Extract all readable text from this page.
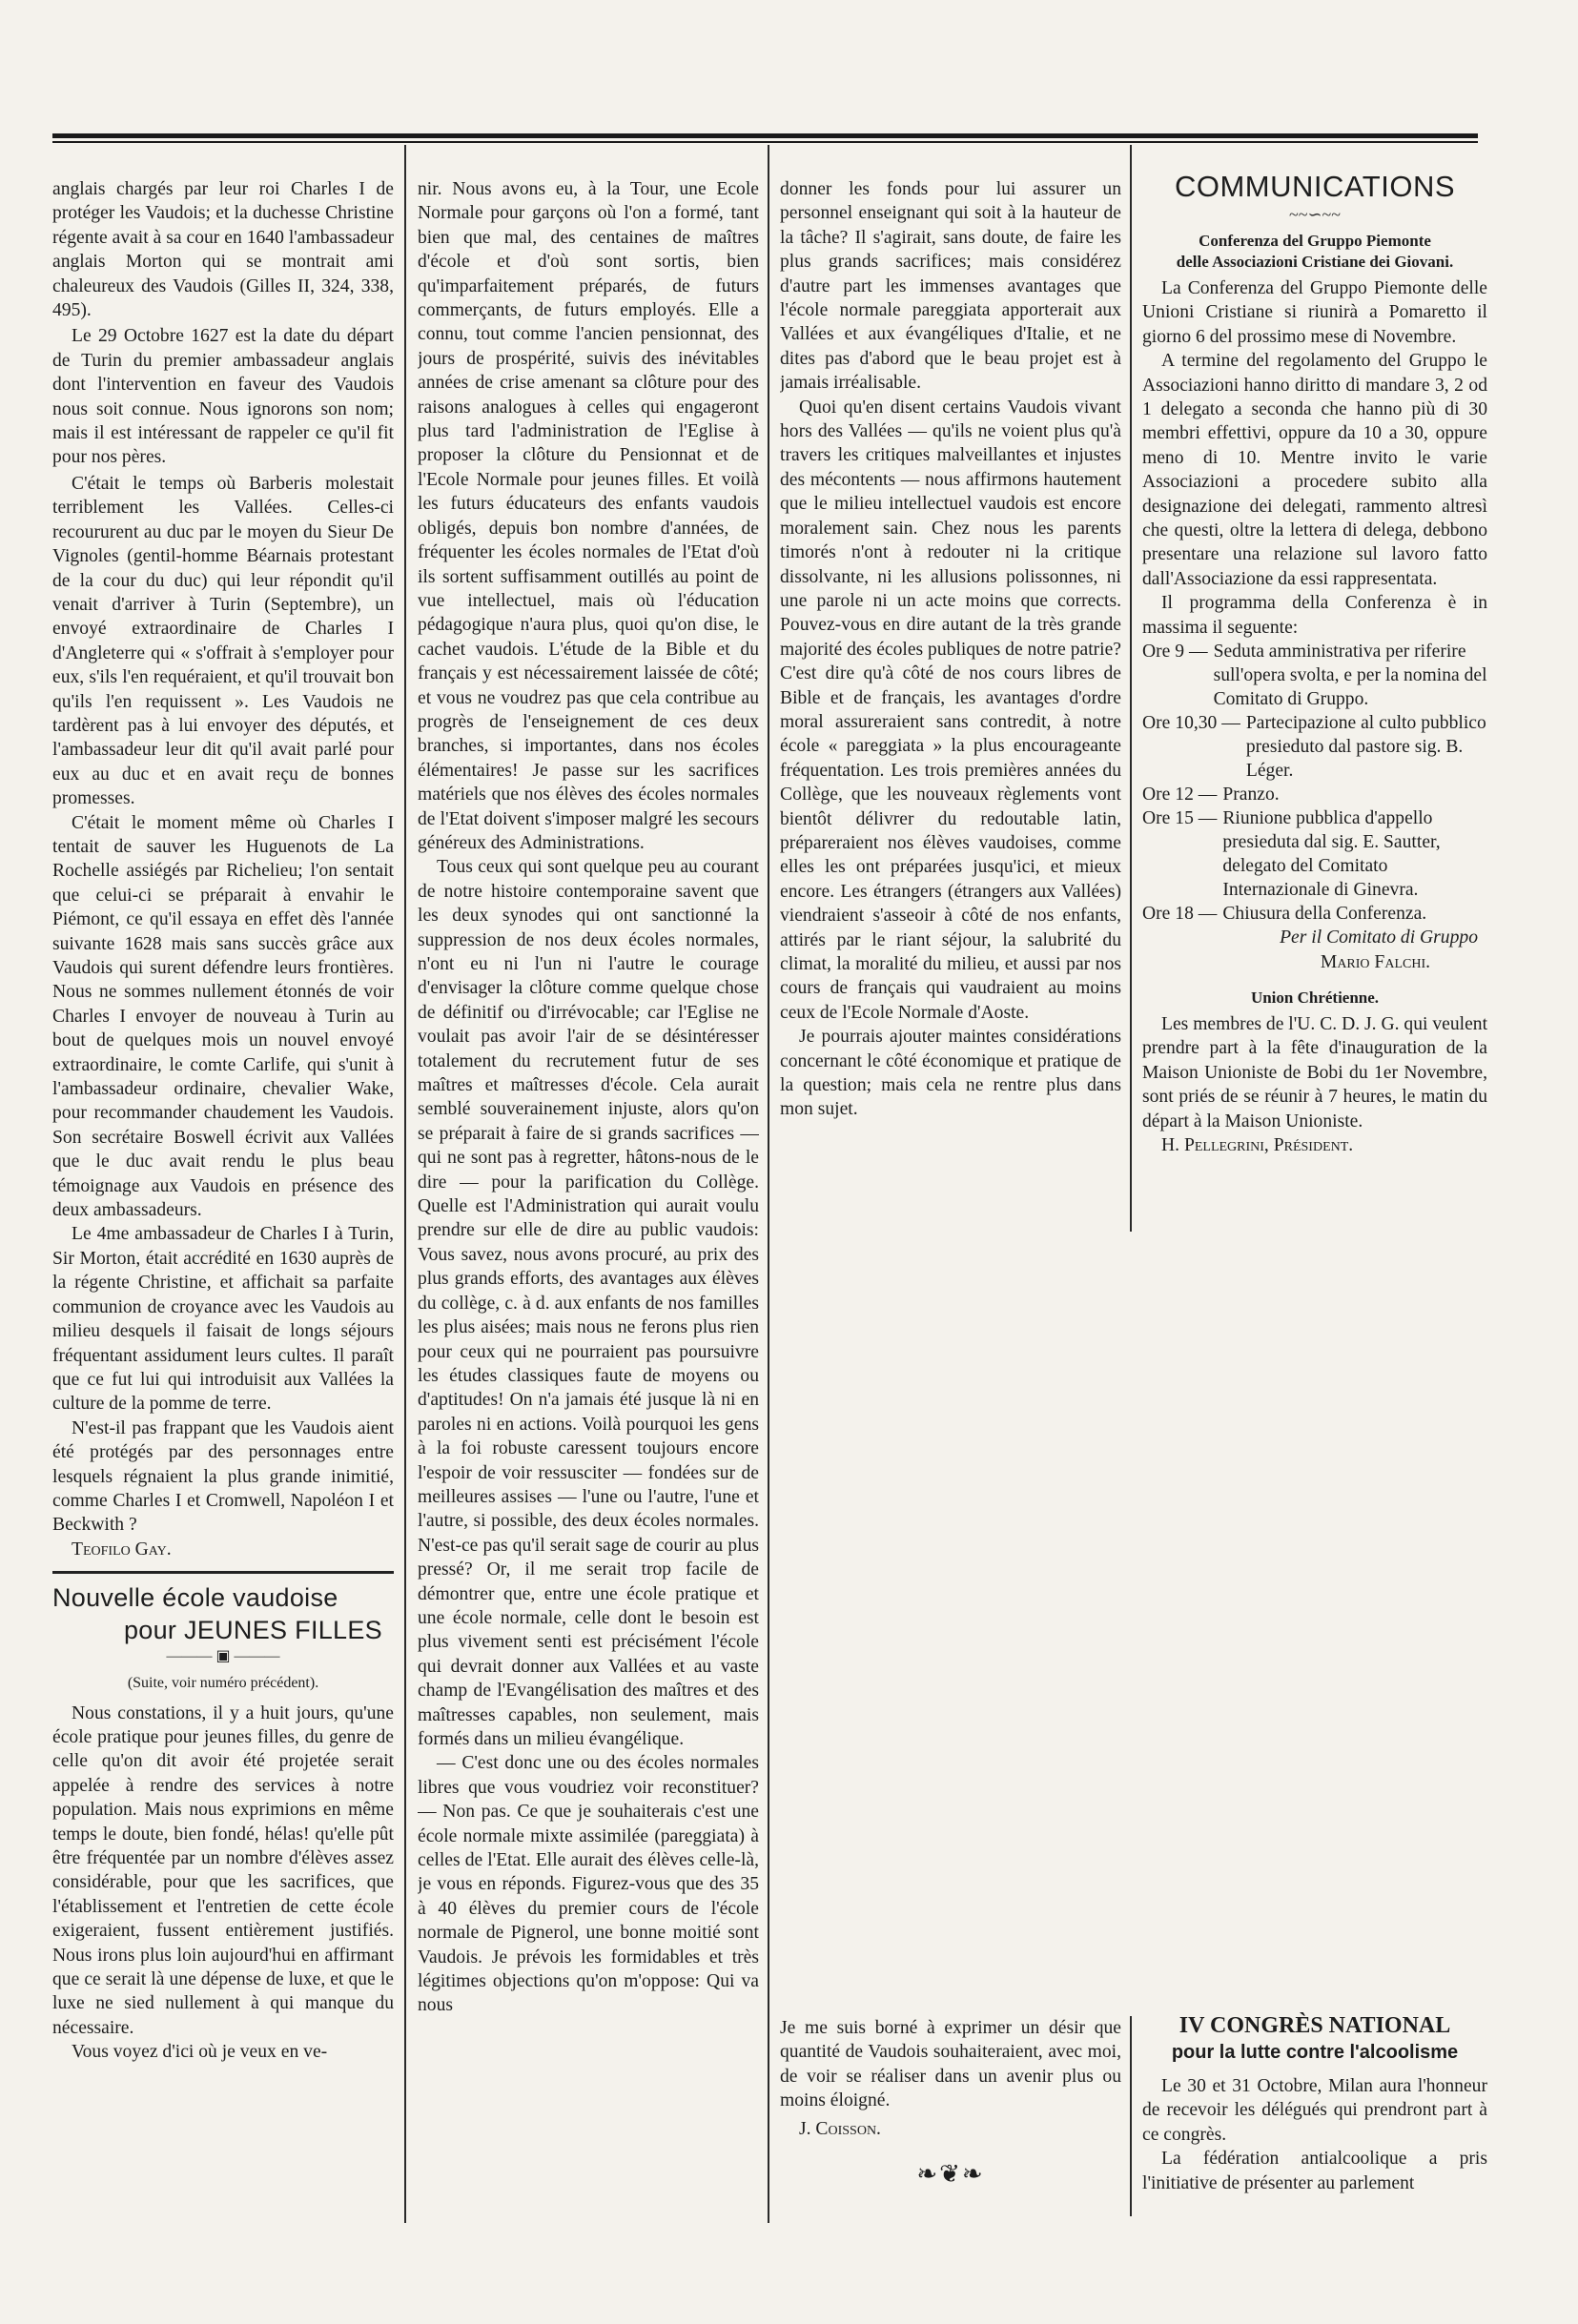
anglais chargés par leur roi Charles I de protéger les Vaudois; et la duchesse Christine régente avait à sa cour en 1640 l'ambassadeur anglais Morton qui se montrait ami chaleureux des Vaudois (Gilles II, 324, 338, 495).

Le 29 Octobre 1627 est la date du départ de Turin du premier ambassadeur anglais dont l'intervention en faveur des Vaudois nous soit connue. Nous ignorons son nom; mais il est intéressant de rappeler ce qu'il fit pour nos pères.

C'était le temps où Barberis molestait terriblement les Vallées. Celles-ci recoururent au duc par le moyen du Sieur De Vignoles (gentil-homme Béarnais protestant de la cour du duc) qui leur répondit qu'il venait d'arriver à Turin (Septembre), un envoyé extraordinaire de Charles I d'Angleterre qui « s'offrait à s'employer pour eux, s'ils l'en requéraient, et qu'il trouvait bon qu'ils l'en requissent ». Les Vaudois ne tardèrent pas à lui envoyer des députés, et l'ambassadeur leur dit qu'il avait parlé pour eux au duc et en avait reçu de bonnes promesses.

C'était le moment même où Charles I tentait de sauver les Huguenots de La Rochelle assiégés par Richelieu; l'on sentait que celui-ci se préparait à envahir le Piémont, ce qu'il essaya en effet dès l'année suivante 1628 mais sans succès grâce aux Vaudois qui surent défendre leurs frontières. Nous ne sommes nullement étonnés de voir Charles I envoyer de nouveau à Turin au bout de quelques mois un nouvel envoyé extraordinaire, le comte Carlife, qui s'unit à l'ambassadeur ordinaire, chevalier Wake, pour recommander chaudement les Vaudois. Son secrétaire Boswell écrivit aux Vallées que le duc avait rendu le plus beau témoignage aux Vaudois en présence des deux ambassadeurs.

Le 4me ambassadeur de Charles I à Turin, Sir Morton, était accrédité en 1630 auprès de la régente Christine, et affichait sa parfaite communion de croyance avec les Vaudois au milieu desquels il faisait de longs séjours fréquentant assidument leurs cultes. Il paraît que ce fut lui qui introduisit aux Vallées la culture de la pomme de terre.

N'est-il pas frappant que les Vaudois aient été protégés par des personnages entre lesquels régnaient la plus grande inimitié, comme Charles I et Cromwell, Napoléon I et Beckwith ?

Teofilo Gay.

Nouvelle école vaudoise
pour JEUNES FILLES
——— ▣ ———
(Suite, voir numéro précédent).

Nous constations, il y a huit jours, qu'une école pratique pour jeunes filles, du genre de celle qu'on dit avoir été projetée serait appelée à rendre des services à notre population. Mais nous exprimions en même temps le doute, bien fondé, hélas! qu'elle pût être fréquentée par un nombre d'élèves assez considérable, pour que les sacrifices, que l'établissement et l'entretien de cette école exigeraient, fussent entièrement justifiés. Nous irons plus loin aujourd'hui en affirmant que ce serait là une dépense de luxe, et que le luxe ne sied nullement à qui manque du nécessaire.

Vous voyez d'ici où je veux en ve-

nir. Nous avons eu, à la Tour, une Ecole Normale pour garçons où l'on a formé, tant bien que mal, des centaines de maîtres d'école et d'où sont sortis, bien qu'imparfaitement préparés, de futurs commerçants, de futurs employés. Elle a connu, tout comme l'ancien pensionnat, des jours de prospérité, suivis des inévitables années de crise amenant sa clôture pour des raisons analogues à celles qui engageront plus tard l'administration de l'Eglise à proposer la clôture du Pensionnat et de l'Ecole Normale pour jeunes filles. Et voilà les futurs éducateurs des enfants vaudois obligés, depuis bon nombre d'années, de fréquenter les écoles normales de l'Etat d'où ils sortent suffisamment outillés au point de vue intellectuel, mais où l'éducation pédagogique n'aura plus, quoi qu'on dise, le cachet vaudois. L'étude de la Bible et du français y est nécessairement laissée de côté; et vous ne voudrez pas que cela contribue au progrès de l'enseignement de ces deux branches, si importantes, dans nos écoles élémentaires! Je passe sur les sacrifices matériels que nos élèves des écoles normales de l'Etat doivent s'imposer malgré les secours généreux des Administrations.

Tous ceux qui sont quelque peu au courant de notre histoire contemporaine savent que les deux synodes qui ont sanctionné la suppression de nos deux écoles normales, n'ont eu ni l'un ni l'autre le courage d'envisager la clôture comme quelque chose de définitif ou d'irrévocable; car l'Eglise ne voulait pas avoir l'air de se désintéresser totalement du recrutement futur de ses maîtres et maîtresses d'école. Cela aurait semblé souverainement injuste, alors qu'on se préparait à faire de si grands sacrifices — qui ne sont pas à regretter, hâtons-nous de le dire — pour la parification du Collège. Quelle est l'Administration qui aurait voulu prendre sur elle de dire au public vaudois: Vous savez, nous avons procuré, au prix des plus grands efforts, des avantages aux élèves du collège, c. à d. aux enfants de nos familles les plus aisées; mais nous ne ferons plus rien pour ceux qui ne pourraient pas poursuivre les études classiques faute de moyens ou d'aptitudes! On n'a jamais été jusque là ni en paroles ni en actions. Voilà pourquoi les gens à la foi robuste caressent toujours encore l'espoir de voir ressusciter — fondées sur de meilleures assises — l'une ou l'autre, l'une et l'autre, si possible, des deux écoles normales. N'est-ce pas qu'il serait sage de courir au plus pressé? Or, il me serait trop facile de démontrer que, entre une école pratique et une école normale, celle dont le besoin est plus vivement senti est précisément l'école qui devrait donner aux Vallées et au vaste champ de l'Evangélisation des maîtres et des maîtresses capables, non seulement, mais formés dans un milieu évangélique.

— C'est donc une ou des écoles normales libres que vous voudriez voir reconstituer? — Non pas. Ce que je souhaiterais c'est une école normale mixte assimilée (pareggiata) à celles de l'Etat. Elle aurait des élèves celle-là, je vous en réponds. Figurez-vous que des 35 à 40 élèves du premier cours de l'école normale de Pignerol, une bonne moitié sont Vaudois. Je prévois les formidables et très légitimes objections qu'on m'oppose: Qui va nous

donner les fonds pour lui assurer un personnel enseignant qui soit à la hauteur de la tâche? Il s'agirait, sans doute, de faire les plus grands sacrifices; mais considérez d'autre part les immenses avantages que l'école normale pareggiata apporterait aux Vallées et aux évangéliques d'Italie, et ne dites pas d'abord que le beau projet est à jamais irréalisable.

Quoi qu'en disent certains Vaudois vivant hors des Vallées — qu'ils ne voient plus qu'à travers les critiques malveillantes et injustes des mécontents — nous affirmons hautement que le milieu intellectuel vaudois est encore moralement sain. Chez nous les parents timorés n'ont à redouter ni la critique dissolvante, ni les allusions polissonnes, ni une parole ni un acte moins que corrects. Pouvez-vous en dire autant de la très grande majorité des écoles publiques de notre patrie? C'est dire qu'à côté de nos cours libres de Bible et de français, les avantages d'ordre moral assureraient sans contredit, à notre école « pareggiata » la plus encourageante fréquentation. Les trois premières années du Collège, que les nouveaux règlements vont bientôt délivrer du redoutable latin, prépareraient nos élèves vaudoises, comme elles les ont préparées jusqu'ici, et mieux encore. Les étrangers (étrangers aux Vallées) viendraient s'asseoir à côté de nos enfants, attirés par le riant séjour, la salubrité du climat, la moralité du milieu, et aussi par nos cours de français qui vaudraient au moins ceux de l'Ecole Normale d'Aoste.

Je pourrais ajouter maintes considérations concernant le côté économique et pratique de la question; mais cela ne rentre plus dans mon sujet.

Je me suis borné à exprimer un désir que quantité de Vaudois souhaiteraient, avec moi, de voir se réaliser dans un avenir plus ou moins éloigné.

J. Coisson.

❧❦❧
COMMUNICATIONS
~~∽~~
Conferenza del Gruppo Piemonte
delle Associazioni Cristiane dei Giovani.

La Conferenza del Gruppo Piemonte delle Unioni Cristiane si riunirà a Pomaretto il giorno 6 del prossimo mese di Novembre.

A termine del regolamento del Gruppo le Associazioni hanno diritto di mandare 3, 2 od 1 delegato a seconda che hanno più di 30 membri effettivi, oppure da 10 a 30, oppure meno di 10. Mentre invito le varie Associazioni a procedere subito alla designazione dei delegati, rammento altresì che questi, oltre la lettera di delega, debbono presentare una relazione sul lavoro fatto dall'Associazione da essi rappresentata.

Il programma della Conferenza è in massima il seguente:

Ore 9 — Seduta amministrativa per riferire sull'opera svolta, e per la nomina del Comitato di Gruppo.
Ore 10,30 — Partecipazione al culto pubblico presieduto dal pastore sig. B. Léger.
Ore 12 — Pranzo.
Ore 15 — Riunione pubblica d'appello presieduta dal sig. E. Sautter, delegato del Comitato Internazionale di Ginevra.
Ore 18 — Chiusura della Conferenza.
Per il Comitato di Gruppo
Mario Falchi.
Union Chrétienne.

Les membres de l'U. C. D. J. G. qui veulent prendre part à la fête d'inauguration de la Maison Unioniste de Bobi du 1er Novembre, sont priés de se réunir à 7 heures, le matin du départ à la Maison Unioniste.

H. Pellegrini, Président.

IV CONGRÈS NATIONAL
pour la lutte contre l'alcoolisme

Le 30 et 31 Octobre, Milan aura l'honneur de recevoir les délégués qui prendront part à ce congrès.

La fédération antialcoolique a pris l'initiative de présenter au parlement
